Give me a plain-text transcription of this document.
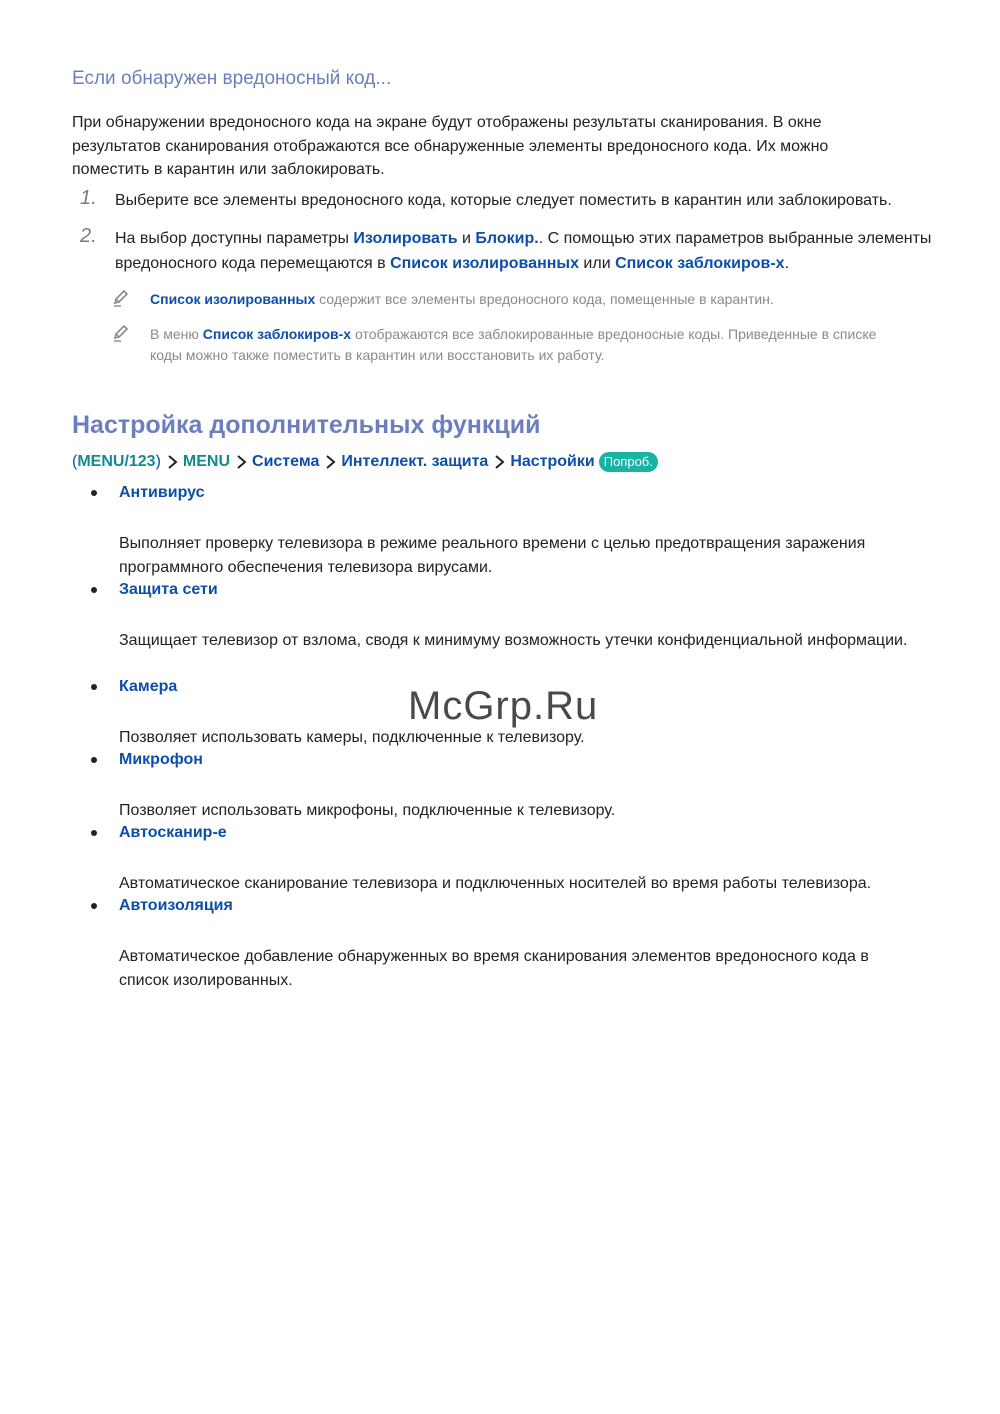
Если обнаружен вредоносный код...

При обнаружении вредоносного кода на экране будут отображены результаты сканирования. В окне результатов сканирования отображаются все обнаруженные элементы вредоносного кода. Их можно поместить в карантин или заблокировать.

1. Выберите все элементы вредоносного кода, которые следует поместить в карантин или заблокировать.
2. На выбор доступны параметры Изолировать и Блокир.. С помощью этих параметров выбранные элементы вредоносного кода перемещаются в Список изолированных или Список заблокиров-х.
Список изолированных содержит все элементы вредоносного кода, помещенные в карантин.
В меню Список заблокиров-х отображаются все заблокированные вредоносные коды. Приведенные в списке коды можно также поместить в карантин или восстановить их работу.
Настройка дополнительных функций
( MENU/123 ) MENU Система Интеллект. защита Настройки Попроб.
Антивирус

Выполняет проверку телевизора в режиме реального времени с целью предотвращения заражения программного обеспечения телевизора вирусами.

Защита сети

Защищает телевизор от взлома, сводя к минимуму возможность утечки конфиденциальной информации.

Камера

Позволяет использовать камеры, подключенные к телевизору.

Микрофон

Позволяет использовать микрофоны, подключенные к телевизору.

Автосканир-е

Автоматическое сканирование телевизора и подключенных носителей во время работы телевизора.

Автоизоляция

Автоматическое добавление обнаруженных во время сканирования элементов вредоносного кода в список изолированных.

McGrp.Ru
